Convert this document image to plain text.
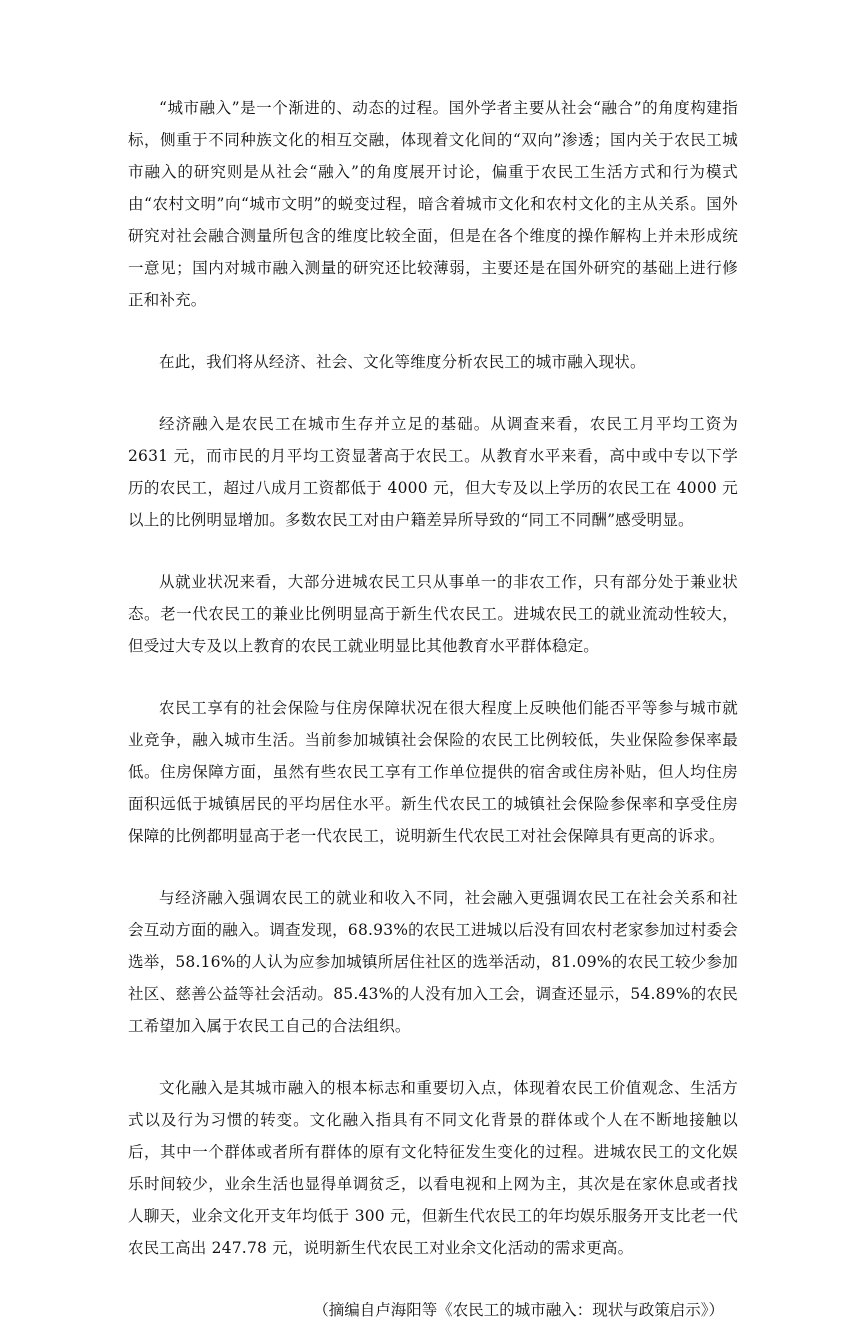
“城市融入”是一个渐进的、动态的过程。国外学者主要从社会“融合”的角度构建指标，侧重于不同种族文化的相互交融，体现着文化间的“双向”渗透；国内关于农民工城市融入的研究则是从社会“融入”的角度展开讨论，偏重于农民工生活方式和行为模式由“农村文明”向“城市文明”的蜕变过程，暗含着城市文化和农村文化的主从关系。国外研究对社会融合测量所包含的维度比较全面，但是在各个维度的操作解构上并未形成统一意见；国内对城市融入测量的研究还比较薄弱，主要还是在国外研究的基础上进行修正和补充。

在此，我们将从经济、社会、文化等维度分析农民工的城市融入现状。

经济融入是农民工在城市生存并立足的基础。从调查来看，农民工月平均工资为 2631 元，而市民的月平均工资显著高于农民工。从教育水平来看，高中或中专以下学历的农民工，超过八成月工资都低于 4000 元，但大专及以上学历的农民工在 4000 元以上的比例明显增加。多数农民工对由户籍差异所导致的“同工不同酬”感受明显。

从就业状况来看，大部分进城农民工只从事单一的非农工作，只有部分处于兼业状态。老一代农民工的兼业比例明显高于新生代农民工。进城农民工的就业流动性较大，但受过大专及以上教育的农民工就业明显比其他教育水平群体稳定。

农民工享有的社会保险与住房保障状况在很大程度上反映他们能否平等参与城市就业竞争，融入城市生活。当前参加城镇社会保险的农民工比例较低，失业保险参保率最低。住房保障方面，虽然有些农民工享有工作单位提供的宿舍或住房补贴，但人均住房面积远低于城镇居民的平均居住水平。新生代农民工的城镇社会保险参保率和享受住房保障的比例都明显高于老一代农民工，说明新生代农民工对社会保障具有更高的诉求。

与经济融入强调农民工的就业和收入不同，社会融入更强调农民工在社会关系和社会互动方面的融入。调查发现，68.93%的农民工进城以后没有回农村老家参加过村委会选举，58.16%的人认为应参加城镇所居住社区的选举活动，81.09%的农民工较少参加社区、慈善公益等社会活动。85.43%的人没有加入工会，调查还显示，54.89%的农民工希望加入属于农民工自己的合法组织。

文化融入是其城市融入的根本标志和重要切入点，体现着农民工价值观念、生活方式以及行为习惯的转变。文化融入指具有不同文化背景的群体或个人在不断地接触以后，其中一个群体或者所有群体的原有文化特征发生变化的过程。进城农民工的文化娱乐时间较少，业余生活也显得单调贫乏，以看电视和上网为主，其次是在家休息或者找人聊天，业余文化开支年均低于 300 元，但新生代农民工的年均娱乐服务开支比老一代农民工高出 247.78 元，说明新生代农民工对业余文化活动的需求更高。

（摘编自卢海阳等《农民工的城市融入：现状与政策启示》）
